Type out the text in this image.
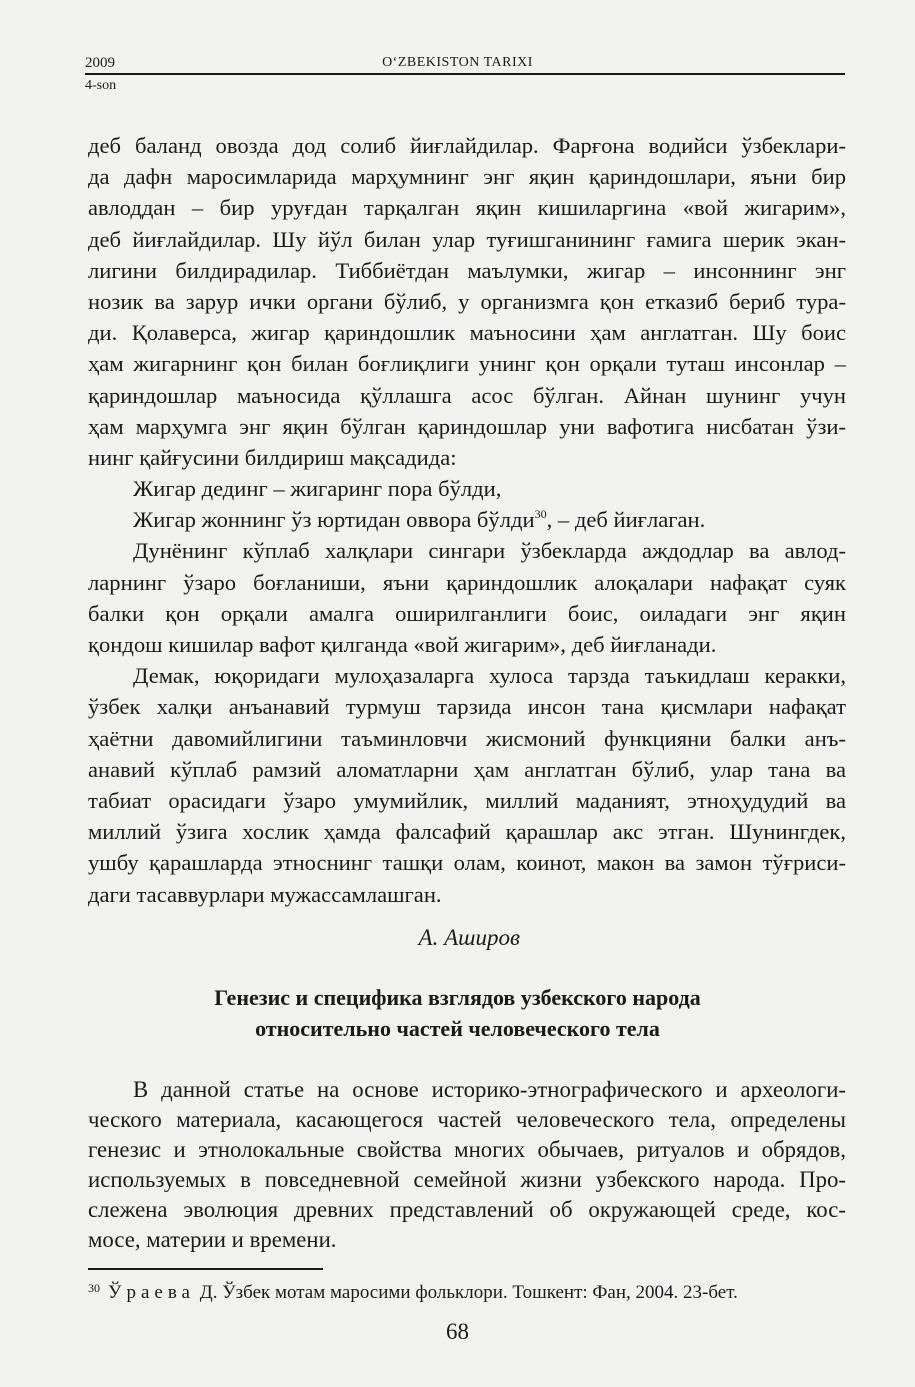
2009	O‘ZBEKISTON TARIXI
4-son
деб баланд овозда дод солиб йиғлайдилар. Фарғона водийси ўзбеклари-
да дафн маросимларида марҳумнинг энг яқин қариндошлари, яъни бир
авлоддан – бир уруғдан тарқалган яқин кишиларгина «вой жигарим»,
деб йиғлайдилар. Шу йўл билан улар туғишганининг ғамига шерик экан-
лигини билдирадилар. Тиббиётдан маълумки, жигар – инсоннинг энг
нозик ва зарур ички органи бўлиб, у организмга қон етказиб бериб тура-
ди. Қолаверса, жигар қариндошлик маъносини ҳам англатган. Шу боис
ҳам жигарнинг қон билан боғлиқлиги унинг қон орқали туташ инсонлар –
қариндошлар маъносида қўллашга асос бўлган. Айнан шунинг учун
ҳам марҳумга энг яқин бўлган қариндошлар уни вафотига нисбатан ўзи-
нинг қайғусини билдириш мақсадида:
Жигар дединг – жигаринг пора бўлди,
Жигар жоннинг ўз юртидан оввора бўлди$^{30}$, – деб йиғлаган.
Дунёнинг кўплаб халқлари сингари ўзбекларда аждодлар ва авлод-
ларнинг ўзаро боғланиши, яъни қариндошлик алоқалари нафақат суяк
балки қон орқали амалга оширилганлиги боис, оиладаги энг яқин
қондош кишилар вафот қилганда «вой жигарим», деб йиғланади.
Демак, юқоридаги мулоҳазаларга хулоса тарзда таъкидлаш керакки,
ўзбек халқи анъанавий турмуш тарзида инсон тана қисмлари нафақат
ҳаётни давомийлигини таъминловчи жисмоний функцияни балки анъ-
анавий кўплаб рамзий аломатларни ҳам англатган бўлиб, улар тана ва
табиат орасидаги ўзаро умумийлик, миллий маданият, этноҳудудий ва
миллий ўзига хослик ҳамда фалсафий қарашлар акс этган. Шунингдек,
ушбу қарашларда этноснинг ташқи олам, коинот, макон ва замон тўғриси-
даги тасаввурлари мужассамлашган.
А. Аширов
Генезис и специфика взглядов узбекского народа
относительно частей человеческого тела
В данной статье на основе историко-этнографического и археологи-
ческого материала, касающегося частей человеческого тела, определены
генезис и этнолокальные свойства многих обычаев, ритуалов и обрядов,
используемых в повседневной семейной жизни узбекского народа. Про-
слежена эволюция древних представлений об окружающей среде, кос-
мосе, материи и времени.
$^{30}$ Ўраева Д. Ўзбек мотам маросими фольклори. Тошкент: Фан, 2004. 23-бет.
68
